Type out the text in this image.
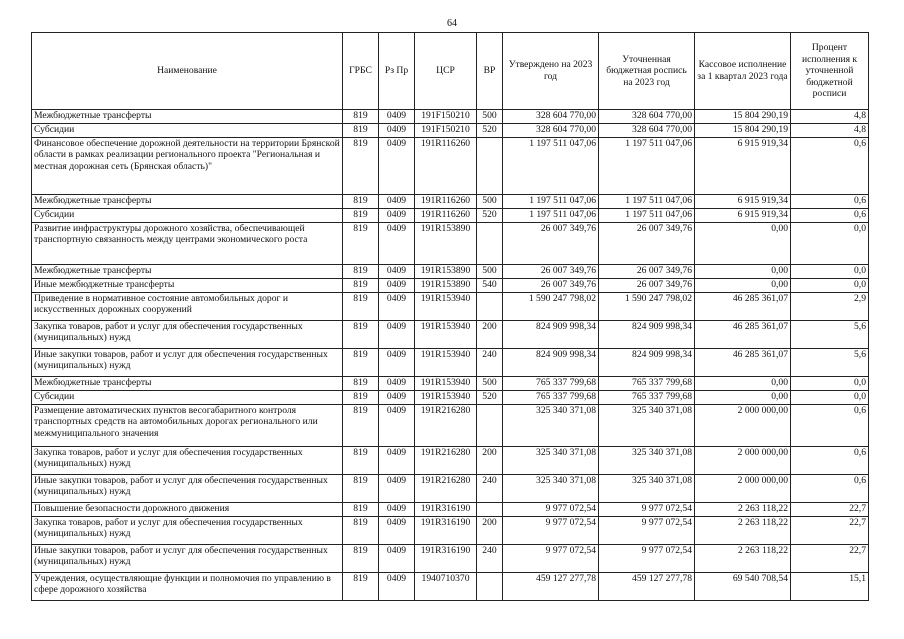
64
Наименование	ГРБС	Рз Пр	ЦСР	ВР	Утверждено на 2023 год	Уточненная бюджетная роспись на 2023 год	Кассовое исполнение за 1 квартал 2023 года	Процент исполнения к уточненной бюджетной росписи
Межбюджетные трансферты	819	0409	191F150210	500	328 604 770,00	328 604 770,00	15 804 290,19	4,8
Субсидии	819	0409	191F150210	520	328 604 770,00	328 604 770,00	15 804 290,19	4,8
Финансовое обеспечение дорожной деятельности на территории Брянской области в рамках реализации регионального проекта "Региональная и местная дорожная сеть (Брянская область)"	819	0409	191R116260		1 197 511 047,06	1 197 511 047,06	6 915 919,34	0,6
Межбюджетные трансферты	819	0409	191R116260	500	1 197 511 047,06	1 197 511 047,06	6 915 919,34	0,6
Субсидии	819	0409	191R116260	520	1 197 511 047,06	1 197 511 047,06	6 915 919,34	0,6
Развитие инфраструктуры дорожного хозяйства, обеспечивающей транспортную связанность между центрами экономического роста	819	0409	191R153890		26 007 349,76	26 007 349,76	0,00	0,0
Межбюджетные трансферты	819	0409	191R153890	500	26 007 349,76	26 007 349,76	0,00	0,0
Иные межбюджетные трансферты	819	0409	191R153890	540	26 007 349,76	26 007 349,76	0,00	0,0
Приведение в нормативное состояние автомобильных дорог и искусственных дорожных сооружений	819	0409	191R153940		1 590 247 798,02	1 590 247 798,02	46 285 361,07	2,9
Закупка товаров, работ и услуг для обеспечения государственных (муниципальных) нужд	819	0409	191R153940	200	824 909 998,34	824 909 998,34	46 285 361,07	5,6
Иные закупки товаров, работ и услуг для обеспечения государственных (муниципальных) нужд	819	0409	191R153940	240	824 909 998,34	824 909 998,34	46 285 361,07	5,6
Межбюджетные трансферты	819	0409	191R153940	500	765 337 799,68	765 337 799,68	0,00	0,0
Субсидии	819	0409	191R153940	520	765 337 799,68	765 337 799,68	0,00	0,0
Размещение автоматических пунктов весогабаритного контроля транспортных средств на автомобильных дорогах регионального или межмуниципального значения	819	0409	191R216280		325 340 371,08	325 340 371,08	2 000 000,00	0,6
Закупка товаров, работ и услуг для обеспечения государственных (муниципальных) нужд	819	0409	191R216280	200	325 340 371,08	325 340 371,08	2 000 000,00	0,6
Иные закупки товаров, работ и услуг для обеспечения государственных (муниципальных) нужд	819	0409	191R216280	240	325 340 371,08	325 340 371,08	2 000 000,00	0,6
Повышение безопасности дорожного движения	819	0409	191R316190		9 977 072,54	9 977 072,54	2 263 118,22	22,7
Закупка товаров, работ и услуг для обеспечения государственных (муниципальных) нужд	819	0409	191R316190	200	9 977 072,54	9 977 072,54	2 263 118,22	22,7
Иные закупки товаров, работ и услуг для обеспечения государственных (муниципальных) нужд	819	0409	191R316190	240	9 977 072,54	9 977 072,54	2 263 118,22	22,7
Учреждения, осуществляющие функции и полномочия по управлению в сфере дорожного хозяйства	819	0409	1940710370		459 127 277,78	459 127 277,78	69 540 708,54	15,1
